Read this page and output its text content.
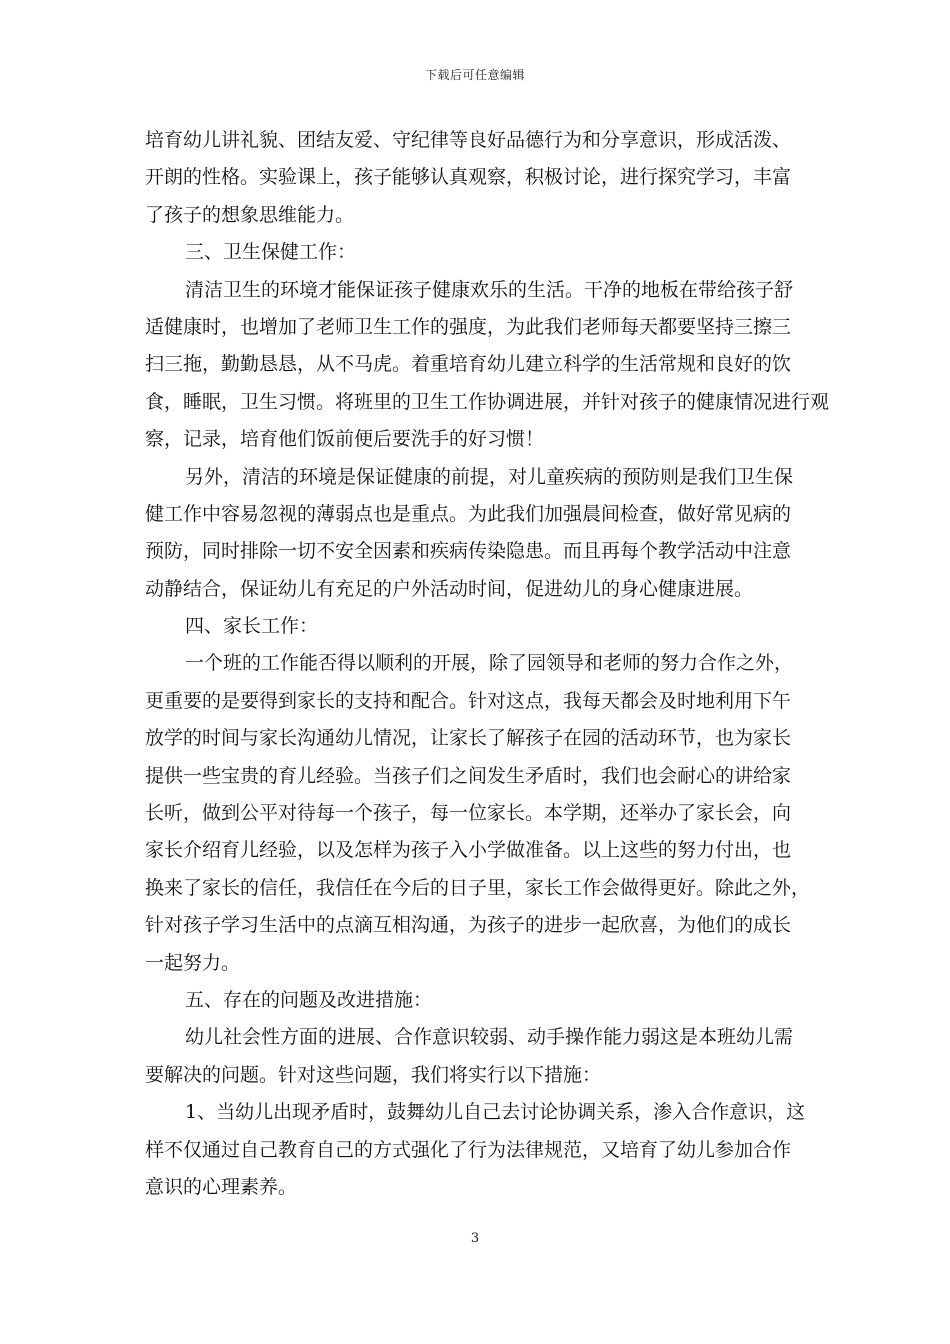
下载后可任意编辑
培育幼儿讲礼貌、团结友爱、守纪律等良好品德行为和分享意识，形成活泼、
开朗的性格。实验课上，孩子能够认真观察，积极讨论，进行探究学习，丰富
了孩子的想象思维能力。
三、卫生保健工作：
清洁卫生的环境才能保证孩子健康欢乐的生活。干净的地板在带给孩子舒
适健康时，也增加了老师卫生工作的强度，为此我们老师每天都要坚持三擦三
扫三拖，勤勤恳恳，从不马虎。着重培育幼儿建立科学的生活常规和良好的饮
食，睡眠，卫生习惯。将班里的卫生工作协调进展，并针对孩子的健康情况进行观
察，记录，培育他们饭前便后要洗手的好习惯！
另外，清洁的环境是保证健康的前提，对儿童疾病的预防则是我们卫生保
健工作中容易忽视的薄弱点也是重点。为此我们加强晨间检查，做好常见病的
预防，同时排除一切不安全因素和疾病传染隐患。而且再每个教学活动中注意
动静结合，保证幼儿有充足的户外活动时间，促进幼儿的身心健康进展。
四、家长工作：
一个班的工作能否得以顺利的开展，除了园领导和老师的努力合作之外，
更重要的是要得到家长的支持和配合。针对这点，我每天都会及时地利用下午
放学的时间与家长沟通幼儿情况，让家长了解孩子在园的活动环节，也为家长
提供一些宝贵的育儿经验。当孩子们之间发生矛盾时，我们也会耐心的讲给家
长听，做到公平对待每一个孩子，每一位家长。本学期，还举办了家长会，向
家长介绍育儿经验，以及怎样为孩子入小学做准备。以上这些的努力付出，也
换来了家长的信任，我信任在今后的日子里，家长工作会做得更好。除此之外，
针对孩子学习生活中的点滴互相沟通，为孩子的进步一起欣喜，为他们的成长
一起努力。
五、存在的问题及改进措施：
幼儿社会性方面的进展、合作意识较弱、动手操作能力弱这是本班幼儿需
要解决的问题。针对这些问题，我们将实行以下措施：
1、当幼儿出现矛盾时，鼓舞幼儿自己去讨论协调关系，渗入合作意识，这
样不仅通过自己教育自己的方式强化了行为法律规范，又培育了幼儿参加合作
意识的心理素养。
3
